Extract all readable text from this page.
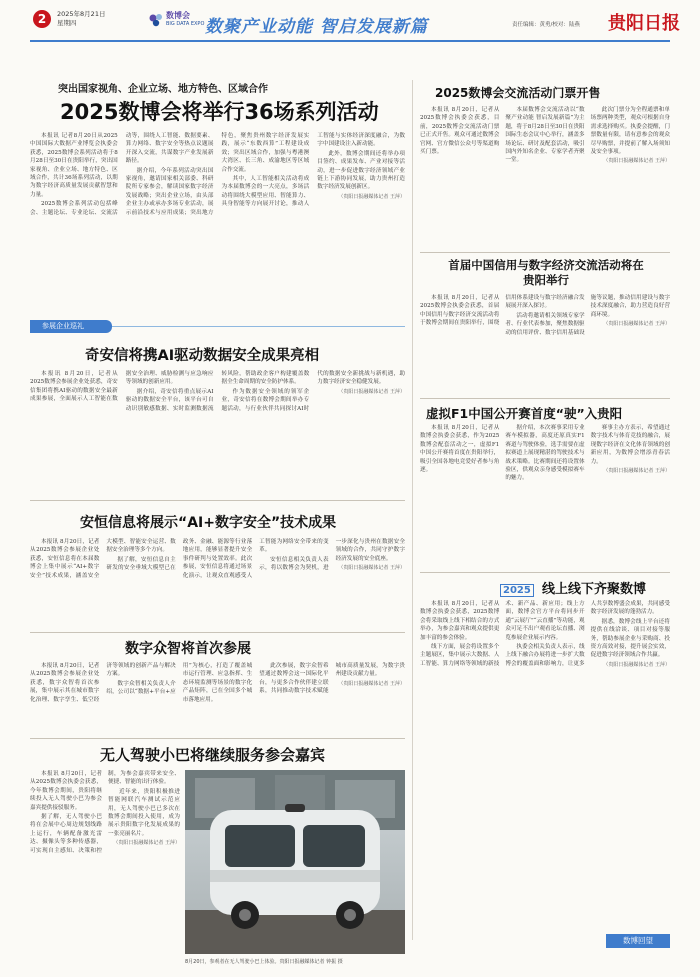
2	2025年8月21日
星期四
数博会
BIG DATA EXPO 数聚产业动能 智启发展新篇	责任编辑：黄勇/校对：陆燕 贵阳日报
突出国家视角、企业立场、地方特色、区域合作
2025数博会将举行36场系列活动

本报讯 记者8月20日从2025中国国际大数据产业博览会执委会获悉，2025数博会系列活动将于8月28日至30日在贵阳举行，突出国家视角、企业立场、地方特色、区域合作，共计36场系列活动，以期为数字经济高质量发展贡献智慧和力量。

2025数博会系列活动包括峰会、主题论坛、专业论坛、交流活动等，围绕人工智能、数据要素、算力网络、数字安全等热点议题展开深入交流，共谋数字产业发展新路径。

据介绍，今年系列活动突出国家视角，邀请国家相关部委、科研院所专家参会，解读国家数字经济发展战略；突出企业立场，由头部企业主办或承办多场专业活动，展示前沿技术与应用成果；突出地方特色，聚焦贵州数字经济发展实践，展示“东数西算”工程建设成效；突出区域合作，加强与粤港澳大湾区、长三角、成渝地区等区域合作交流。

其中，人工智能相关活动将成为本届数博会的一大亮点，多场活动将围绕大模型应用、智能算力、具身智能等方向展开讨论，推动人工智能与实体经济深度融合，为数字中国建设注入新动能。

此外，数博会期间还将举办项目签约、成果发布、产业对接等活动，进一步促进数字经济领域产业链上下游协同发展，助力贵州打造数字经济发展创新区。

（贵阳日报融媒体记者 王萍）
参展企业巡礼
奇安信将携AI驱动数据安全成果亮相

本报讯 8月20日，记者从2025数博会参展企业处获悉，奇安信集团将携AI驱动的数据安全最新成果参展，全面展示人工智能在数据安全治理、威胁检测与应急响应等领域的创新应用。

据介绍，奇安信将重点展示AI驱动的数据安全平台，该平台可自动识别敏感数据、实时监测数据流转风险，帮助政企客户构建覆盖数据全生命周期的安全防护体系。

作为数据安全领域的领军企业，奇安信将在数博会期间举办专题活动，与行业伙伴共同探讨AI时代的数据安全新挑战与新机遇，助力数字经济安全稳健发展。

（贵阳日报融媒体记者 王萍）
安恒信息将展示“AI+数字安全”技术成果

本报讯 8月20日，记者从2025数博会参展企业处获悉，安恒信息将在本届数博会上集中展示“AI+数字安全”技术成果，涵盖安全大模型、智能安全运营、数据安全治理等多个方向。

据了解，安恒信息自主研发的安全垂域大模型已在政务、金融、能源等行业落地应用，能够显著提升安全事件研判与处置效率。此次参展，安恒信息将通过场景化演示，让观众直观感受人工智能为网络安全带来的变革。

安恒信息相关负责人表示，将以数博会为契机，进一步深化与贵州在数据安全领域的合作，共同守护数字经济发展的安全底座。

（贵阳日报融媒体记者 王萍）
数字众智将首次参展

本报讯 8月20日，记者从2025数博会参展企业处获悉，数字众智将首次参展，集中展示其在城市数字化治理、数字孪生、低空经济等领域的创新产品与解决方案。

数字众智相关负责人介绍，公司以“数据+平台+应用”为核心，打造了覆盖城市运行管理、应急指挥、生态环境监测等场景的数字化产品矩阵，已在全国多个城市落地应用。

此次参展，数字众智希望通过数博会这一国际化平台，与更多合作伙伴建立联系，共同推动数字技术赋能城市高质量发展，为数字贵州建设贡献力量。

（贵阳日报融媒体记者 王萍）
无人驾驶小巴将继续服务参会嘉宾

本报讯 8月20日，记者从2025数博会执委会获悉，今年数博会期间，贵阳将继续投入无人驾驶小巴为参会嘉宾提供接驳服务。

据了解，无人驾驶小巴将在会展中心周边规划线路上运行，车辆配备激光雷达、摄像头等多种传感器，可实现自主感知、决策和控制，为参会嘉宾带来安全、便捷、智能的出行体验。

近年来，贵阳积极推进智能网联汽车测试示范应用，无人驾驶小巴已多次在数博会期间投入使用，成为展示贵阳数字化发展成果的一张亮丽名片。

（贵阳日报融媒体记者 王萍）
8月20日，参观者在无人驾驶小巴上体验。贵阳日报融媒体记者 钟振 摄
2025数博会交流活动门票开售

本报讯 8月20日，记者从2025数博会执委会获悉，目前，2025数博会交流活动门票已正式开售。观众可通过数博会官网、官方微信公众号等渠道购买门票。

本届数博会交流活动以“数聚产业动能 智启发展新篇”为主题，将于8月28日至30日在贵阳国际生态会议中心举行，涵盖多场论坛、研讨及配套活动，吸引国内外知名企业、专家学者齐聚一堂。

此次门票分为全程通票和单场票两种类型，观众可根据自身需求选择购买。执委会提醒，门票数量有限，请有意参会的观众尽早购票，并提前了解入场须知及安全事项。

（贵阳日报融媒体记者 王萍）
首届中国信用与数字经济交流活动将在贵阳举行

本报讯 8月20日，记者从2025数博会执委会获悉，首届中国信用与数字经济交流活动将于数博会期间在贵阳举行，围绕信用体系建设与数字经济融合发展展开深入探讨。

活动将邀请相关领域专家学者、行业代表参加，聚焦数据驱动的信用评价、数字信用基础设施等议题，推动信用建设与数字技术深度融合，助力营造良好营商环境。

（贵阳日报融媒体记者 王萍）
虚拟F1中国公开赛首度“驶”入贵阳

本报讯 8月20日，记者从数博会执委会获悉，作为2025数博会配套活动之一，虚拟F1中国公开赛将首度在贵阳举行，吸引全国各地电竞爱好者参与角逐。

据介绍，本次赛事采用专业赛车模拟器，高度还原真实F1赛道与驾驶体验，选手需要在虚拟赛道上展现精湛的驾驶技术与战术策略。比赛期间还将设置体验区，供观众亲身感受模拟赛车的魅力。

赛事主办方表示，希望通过数字技术与体育竞技的融合，展现数字经济在文化体育领域的创新应用，为数博会增添青春活力。

（贵阳日报融媒体记者 王萍）
2025 线上线下齐聚数博

本报讯 8月20日，记者从数博会执委会获悉，2025数博会将采取线上线下相结合的方式举办，为参会嘉宾和观众提供更加丰富的参会体验。

线下方面，展会将设置多个主题展区，集中展示大数据、人工智能、算力网络等领域的新技术、新产品、新应用；线上方面，数博会官方平台将同步开通“云展厅”“云直播”等功能，观众可足不出户观看论坛直播、浏览参展企业展示内容。

执委会相关负责人表示，线上线下融合办展将进一步扩大数博会的覆盖面和影响力，让更多人共享数博盛会成果，共同感受数字经济发展的蓬勃活力。

据悉，数博会线上平台还将提供在线洽谈、项目对接等服务，帮助参展企业与采购商、投资方高效对接，提升展会实效，促进数字经济领域合作共赢。

（贵阳日报融媒体记者 王萍）
数博回望
